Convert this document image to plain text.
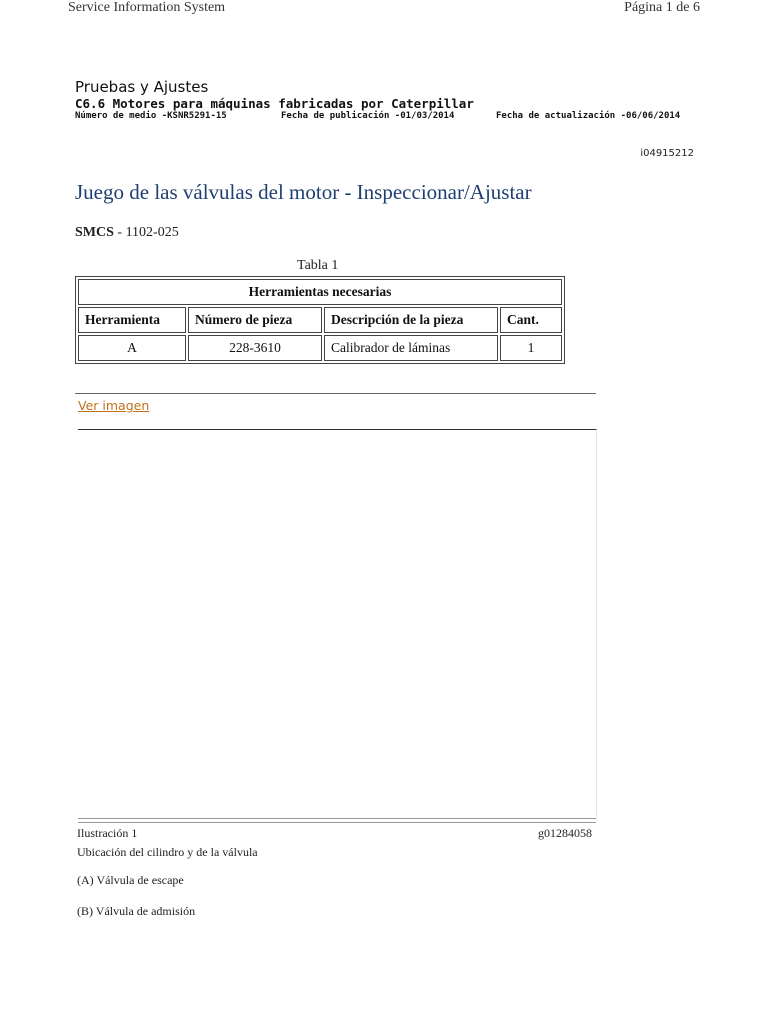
Service Information System	Página 1 de 6
Pruebas y Ajustes
C6.6 Motores para máquinas fabricadas por Caterpillar
Número de medio -KSNR5291-15	Fecha de publicación -01/03/2014	Fecha de actualización -06/06/2014
i04915212
Juego de las válvulas del motor - Inspeccionar/Ajustar
SMCS - 1102-025
Tabla 1
Herramientas necesarias			
Herramienta	Número de pieza	Descripción de la pieza	Cant.
A	228-3610	Calibrador de láminas	1
Ver imagen
Ilustración 1	g01284058
Ubicación del cilindro y de la válvula
(A) Válvula de escape
(B) Válvula de admisión
